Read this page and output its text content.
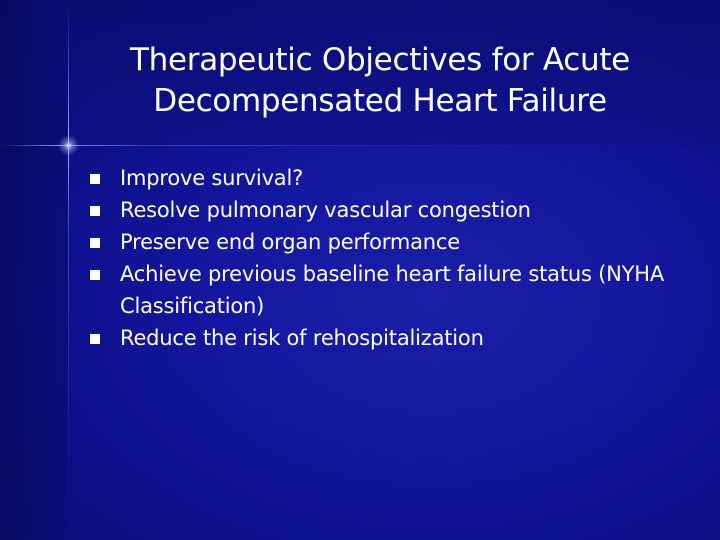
Therapeutic Objectives for Acute
Decompensated Heart Failure
Improve survival?
Resolve pulmonary vascular congestion
Preserve end organ performance
Achieve previous baseline heart failure status (NYHA Classification)
Reduce the risk of rehospitalization
